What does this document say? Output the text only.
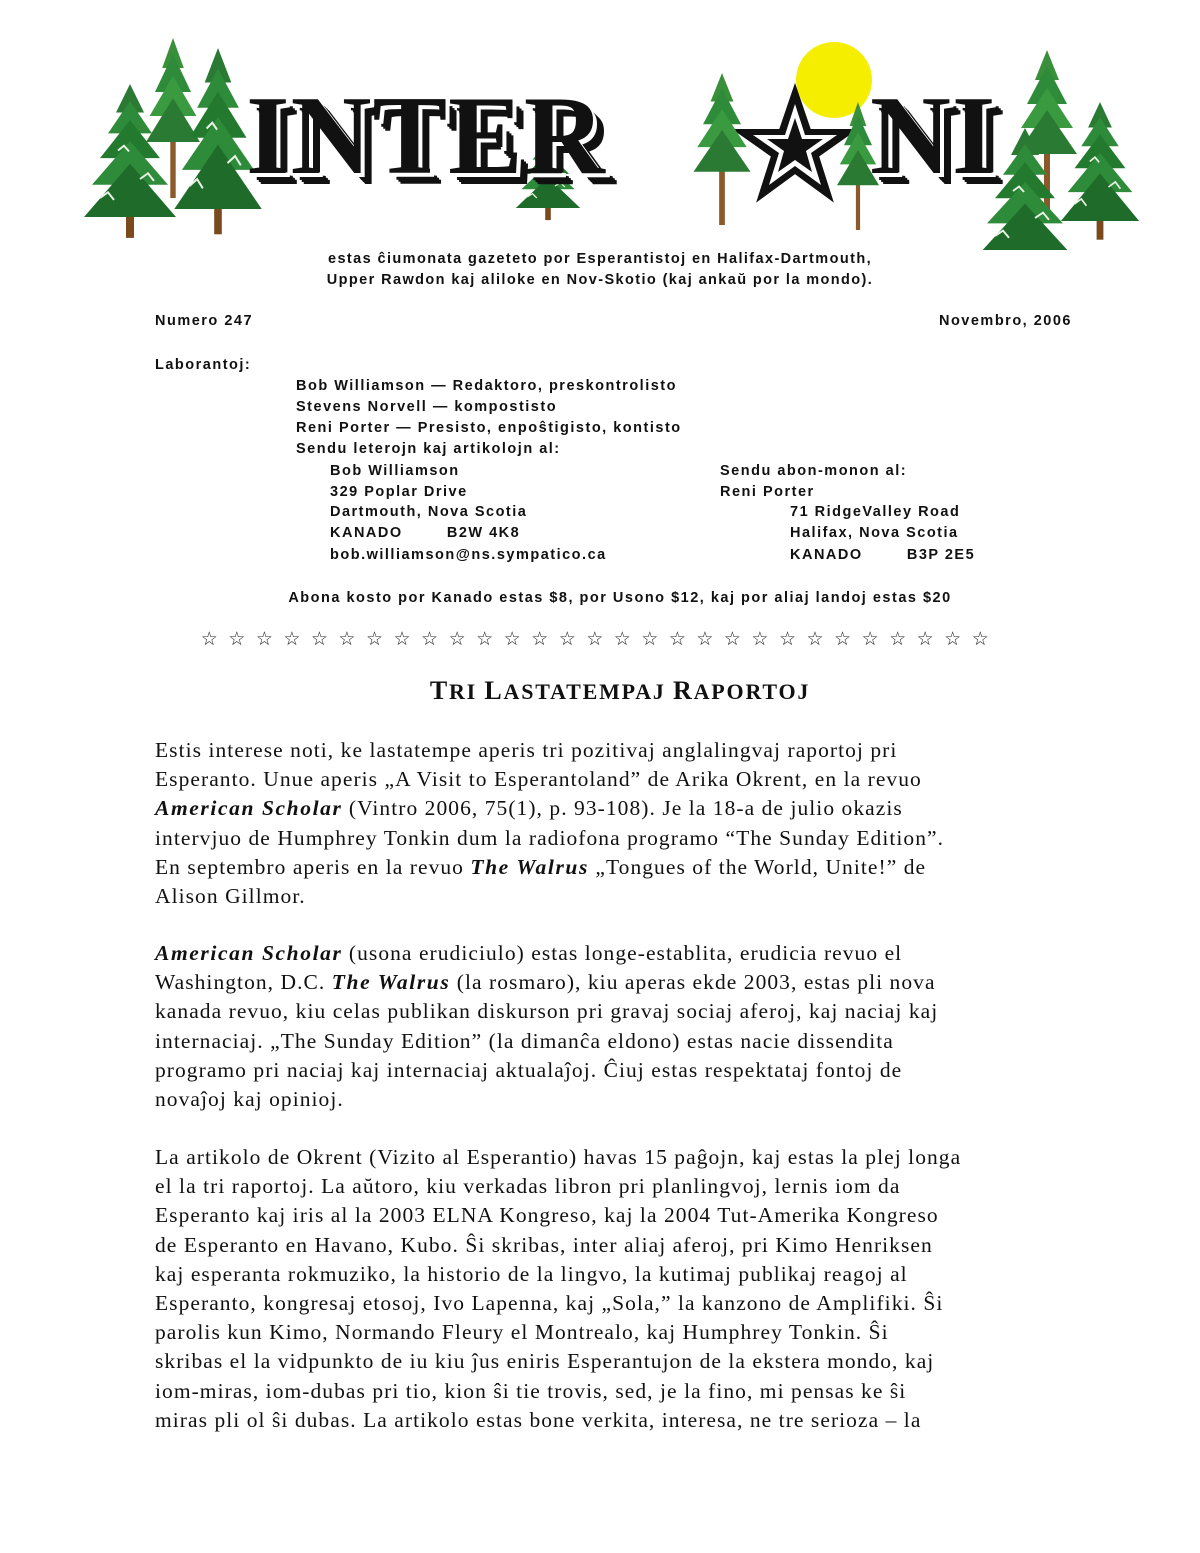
INTER NI
estas ĉiumonata gazeteto por Esperantistoj en Halifax-Dartmouth,
Upper Rawdon kaj aliloke en Nov-Skotio (kaj ankaŭ por la mondo).
Numero 247	Novembro, 2006
Laborantoj:
Bob Williamson — Redaktoro, preskontrolisto
Stevens Norvell — kompostisto
Reni Porter — Presisto, enpoŝtigisto, kontisto
Sendu leterojn kaj artikolojn al:
Bob Williamson
329 Poplar Drive
Dartmouth, Nova Scotia
KANADO        B2W 4K8
bob.williamson@ns.sympatico.ca
Sendu abon-monon al:
Reni Porter
71 RidgeValley Road
Halifax, Nova Scotia
KANADO        B3P 2E5
Abona kosto por Kanado estas $8, por Usono $12, kaj por aliaj landoj estas $20
☆☆☆☆☆☆☆☆☆☆☆☆☆☆☆☆☆☆☆☆☆☆☆☆☆☆☆☆☆
TRI LASTATEMPAJ RAPORTOJ
Estis interese noti, ke lastatempe aperis tri pozitivaj anglalingvaj raportoj pri
Esperanto. Unue aperis „A Visit to Esperantoland” de Arika Okrent, en la revuo
American Scholar (Vintro 2006, 75(1), p. 93-108). Je la 18-a de julio okazis
intervjuo de Humphrey Tonkin dum la radiofona programo “The Sunday Edition”.
En septembro aperis en la revuo The Walrus „Tongues of the World, Unite!” de
Alison Gillmor.
American Scholar (usona erudiciulo) estas longe-establita, erudicia revuo el
Washington, D.C. The Walrus (la rosmaro), kiu aperas ekde 2003, estas pli nova
kanada revuo, kiu celas publikan diskurson pri gravaj sociaj aferoj, kaj naciaj kaj
internaciaj. „The Sunday Edition” (la dimanĉa eldono) estas nacie dissendita
programo pri naciaj kaj internaciaj aktualaĵoj. Ĉiuj estas respektataj fontoj de
novaĵoj kaj opinioj.
La artikolo de Okrent (Vizito al Esperantio) havas 15 paĝojn, kaj estas la plej longa
el la tri raportoj. La aŭtoro, kiu verkadas libron pri planlingvoj, lernis iom da
Esperanto kaj iris al la 2003 ELNA Kongreso, kaj la 2004 Tut-Amerika Kongreso
de Esperanto en Havano, Kubo. Ŝi skribas, inter aliaj aferoj, pri Kimo Henriksen
kaj esperanta rokmuziko, la historio de la lingvo, la kutimaj publikaj reagoj al
Esperanto, kongresaj etosoj, Ivo Lapenna, kaj „Sola,” la kanzono de Amplifiki. Ŝi
parolis kun Kimo, Normando Fleury el Montrealo, kaj Humphrey Tonkin. Ŝi
skribas el la vidpunkto de iu kiu ĵus eniris Esperantujon de la ekstera mondo, kaj
iom-miras, iom-dubas pri tio, kion ŝi tie trovis, sed, je la fino, mi pensas ke ŝi
miras pli ol ŝi dubas. La artikolo estas bone verkita, interesa, ne tre serioza – la
